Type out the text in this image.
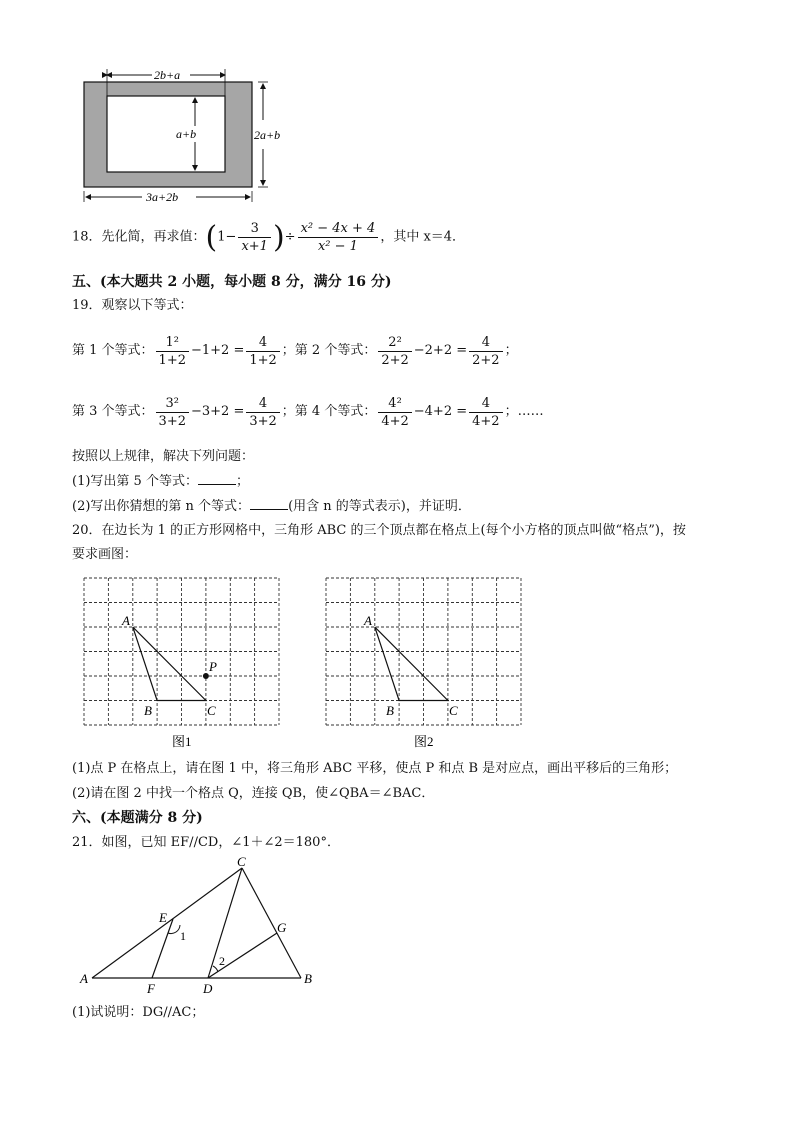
2b+a
a+b	2a+b
3a+2b
18．先化简，再求值：($1- \frac{3}{x+1}$ )÷ $\frac{\text{x² − 4x + 4}}{\text{x² − 1}}$ ，其中 x＝4．
五、(本大题共 2 小题，每小题 8 分，满分 16 分)
19．观察以下等式：
第 1 个等式： $\frac{\text{1²}}{1+2} -1+2 = \frac{4}{1+2}$ ；第 2 个等式： $\frac{\text{2²}}{2+2} -2+2 = \frac{4}{2+2}$ ；
第 3 个等式： $\frac{\text{3²}}{3+2} -3+2 = \frac{4}{3+2}$ ；第 4 个等式： $\frac{\text{4²}}{4+2} -4+2 = \frac{4}{4+2}$ ；……
按照以上规律，解决下列问题：
(1)写出第 5 个等式：	；
(2)写出你猜想的第 n 个等式：	(用含 n 的等式表示)，并证明．
20．在边长为 1 的正方形网格中，三角形 ABC 的三个顶点都在格点上(每个小方格的顶点叫做“格点”)，按
要求画图：
A
B	C
P
图1
A
B	C
图2
(1)点 P 在格点上，请在图 1 中，将三角形 ABC 平移，使点 P 和点 B 是对应点，画出平移后的三角形；
(2)请在图 2 中找一个格点 Q，连接 QB，使∠QBA＝∠BAC．
六、(本题满分 8 分)
21．如图，已知 EF//CD，∠1＋∠2＝180°．
A	B
C
D
E
F
G
1
2
(1)试说明：DG//AC；
